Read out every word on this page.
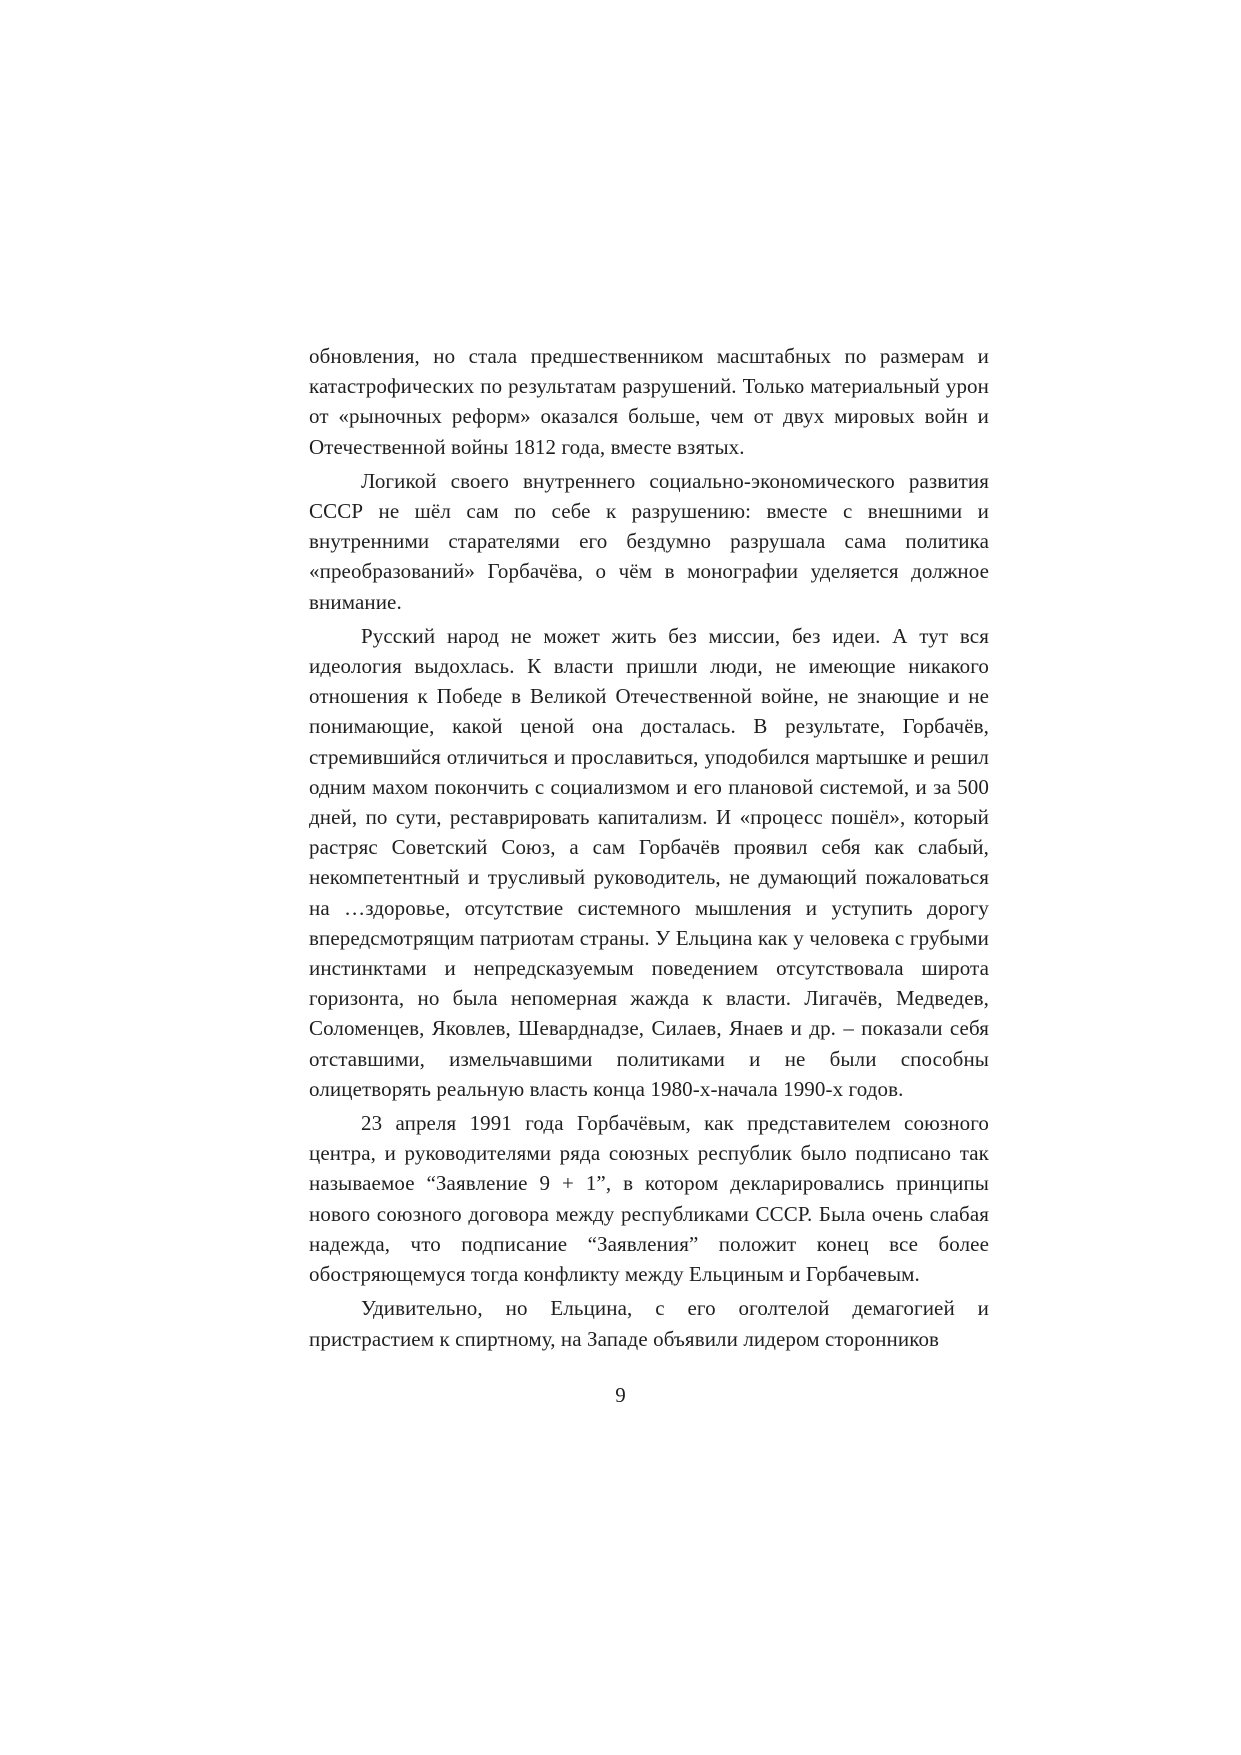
обновления, но стала предшественником масштабных по размерам и катастрофических по результатам разрушений. Только материальный урон от «рыночных реформ» оказался больше, чем от двух мировых войн и Отечественной войны 1812 года, вместе взятых.

Логикой своего внутреннего социально-экономического развития СССР не шёл сам по себе к разрушению: вместе с внешними и внутренними старателями его бездумно разрушала сама политика «преобразований» Горбачёва, о чём в монографии уделяется должное внимание.

Русский народ не может жить без миссии, без идеи. А тут вся идеология выдохлась. К власти пришли люди, не имеющие никакого отношения к Победе в Великой Отечественной войне, не знающие и не понимающие, какой ценой она досталась. В результате, Горбачёв, стремившийся отличиться и прославиться, уподобился мартышке и решил одним махом покончить с социализмом и его плановой системой, и за 500 дней, по сути, реставрировать капитализм. И «процесс пошёл», который растряс Советский Союз, а сам Горбачёв проявил себя как слабый, некомпетентный и трусливый руководитель, не думающий пожаловаться на …здоровье, отсутствие системного мышления и уступить дорогу впередсмотрящим патриотам страны. У Ельцина как у человека с грубыми инстинктами и непредсказуемым поведением отсутствовала широта горизонта, но была непомерная жажда к власти. Лигачёв, Медведев, Соломенцев, Яковлев, Шеварднадзе, Силаев, Янаев и др. – показали себя отставшими, измельчавшими политиками и не были способны олицетворять реальную власть конца 1980-х-начала 1990-х годов.

23 апреля 1991 года Горбачёвым, как представителем союзного центра, и руководителями ряда союзных республик было подписано так называемое “Заявление 9 + 1”, в котором декларировались принципы нового союзного договора между республиками СССР. Была очень слабая надежда, что подписание “Заявления” положит конец все более обостряющемуся тогда конфликту между Ельциным и Горбачевым.

Удивительно, но Ельцина, с его оголтелой демагогией и пристрастием к спиртному, на Западе объявили лидером сторонников

9
